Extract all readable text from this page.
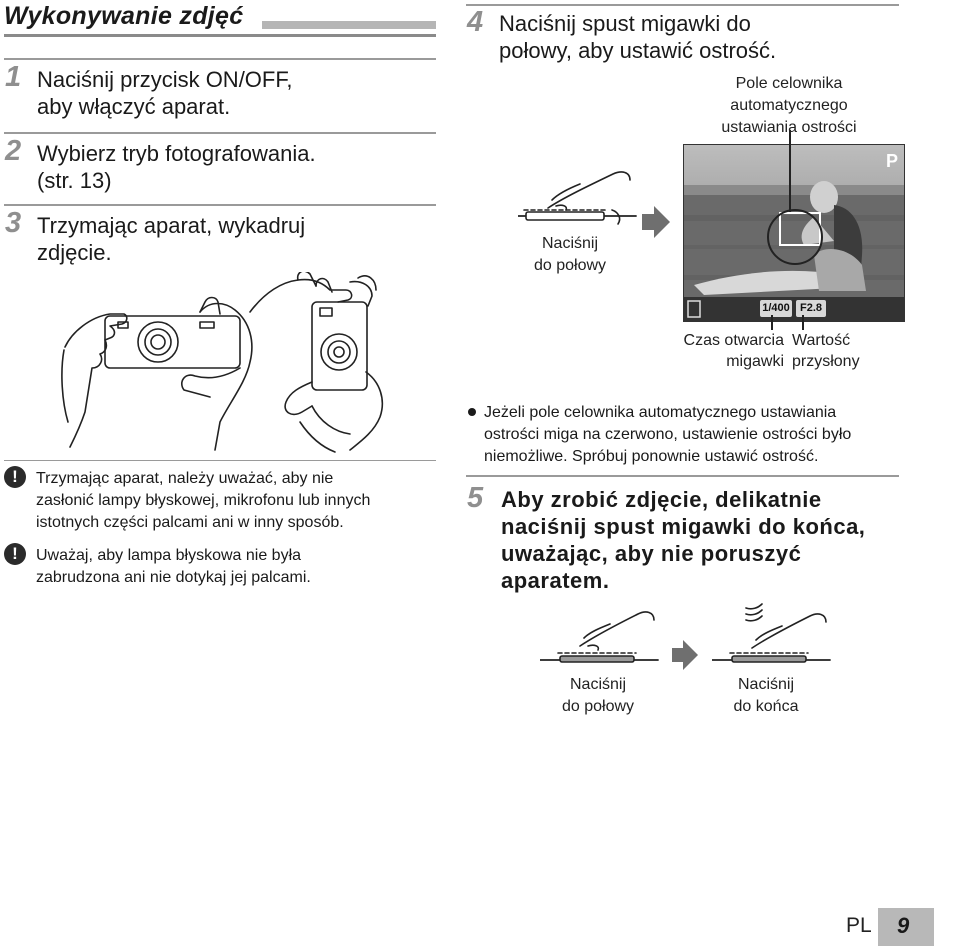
Wykonywanie zdjęć
1 Naciśnij przycisk ON/OFF,
aby włączyć aparat.
2 Wybierz tryb fotografowania.
(str. 13)
3 Trzymając aparat, wykadruj
zdjęcie.
!	Trzymając aparat, należy uważać, aby nie
zasłonić lampy błyskowej, mikrofonu lub innych
istotnych części palcami ani w inny sposób.
!	Uważaj, aby lampa błyskowa nie była
zabrudzona ani nie dotykaj jej palcami.
4 Naciśnij spust migawki do
połowy, aby ustawić ostrość.
Pole celownika
automatycznego
ustawiania ostrości
Naciśnij
do połowy
P
1/400 F2.8
Czas otwarcia
migawki
Wartość
przysłony
Jeżeli pole celownika automatycznego ustawiania
ostrości miga na czerwono, ustawienie ostrości było
niemożliwe. Spróbuj ponownie ustawić ostrość.
5 Aby zrobić zdjęcie, delikatnie
naciśnij spust migawki do końca,
uważając, aby nie poruszyć
aparatem.
Naciśnij
do połowy
Naciśnij
do końca
PL 9
